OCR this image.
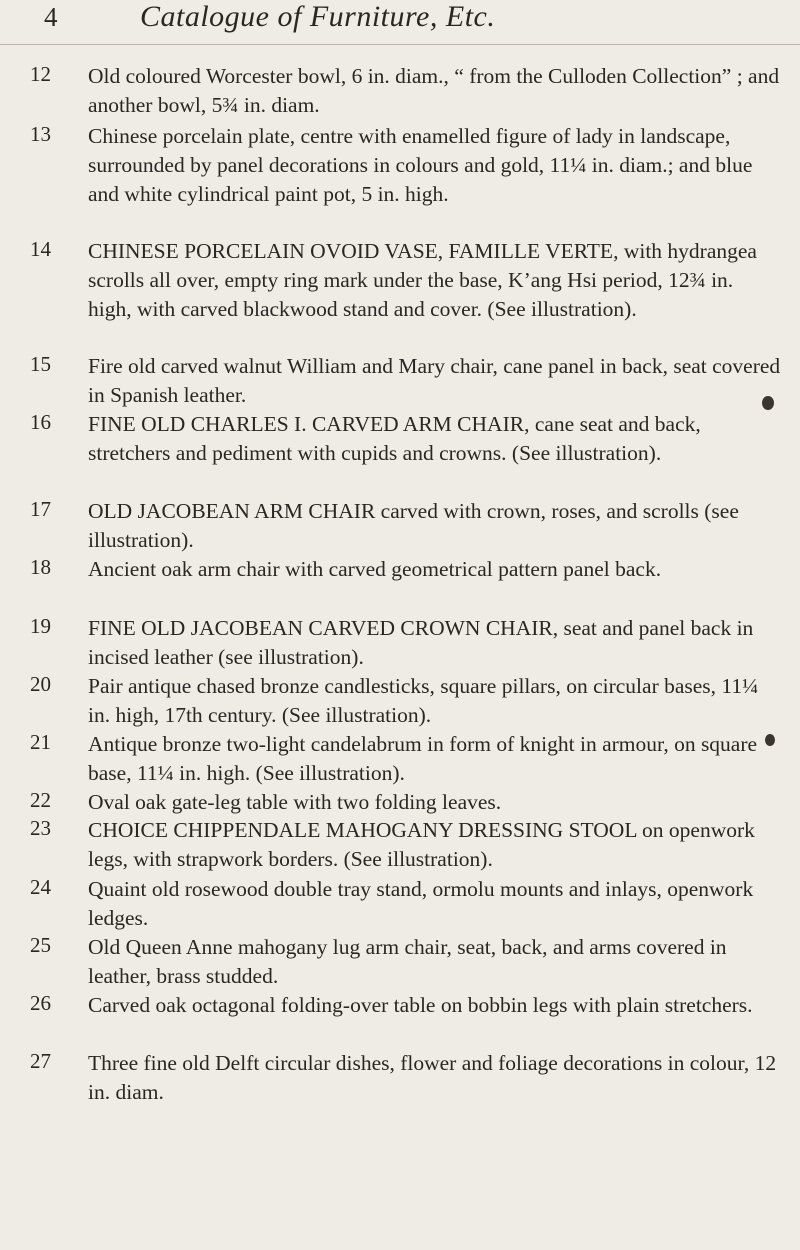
4	Catalogue of Furniture, Etc.
12 Old coloured Worcester bowl, 6 in. diam., “ from the Culloden Collection” ; and another bowl, 5¾ in. diam.
13 Chinese porcelain plate, centre with enamelled figure of lady in landscape, surrounded by panel decorations in colours and gold, 11¼ in. diam.; and blue and white cylindrical paint pot, 5 in. high.
14 CHINESE PORCELAIN OVOID VASE, FAMILLE VERTE, with hydrangea scrolls all over, empty ring mark under the base, K’ang Hsi period, 12¾ in. high, with carved blackwood stand and cover. (See illustration).
15 Fire old carved walnut William and Mary chair, cane panel in back, seat covered in Spanish leather.
16 FINE OLD CHARLES I. CARVED ARM CHAIR, cane seat and back, stretchers and pediment with cupids and crowns. (See illustration).
17 OLD JACOBEAN ARM CHAIR carved with crown, roses, and scrolls (see illustration).
18 Ancient oak arm chair with carved geometrical pattern panel back.
19 FINE OLD JACOBEAN CARVED CROWN CHAIR, seat and panel back in incised leather (see illustration).
20 Pair antique chased bronze candlesticks, square pillars, on circular bases, 11¼ in. high, 17th century. (See illustration).
21 Antique bronze two-light candelabrum in form of knight in armour, on square base, 11¼ in. high. (See illustration).
22 Oval oak gate-leg table with two folding leaves.
23 CHOICE CHIPPENDALE MAHOGANY DRESSING STOOL on openwork legs, with strapwork borders. (See illustration).
24 Quaint old rosewood double tray stand, ormolu mounts and inlays, openwork ledges.
25 Old Queen Anne mahogany lug arm chair, seat, back, and arms covered in leather, brass studded.
26 Carved oak octagonal folding-over table on bobbin legs with plain stretchers.
27 Three fine old Delft circular dishes, flower and foliage decorations in colour, 12 in. diam.
